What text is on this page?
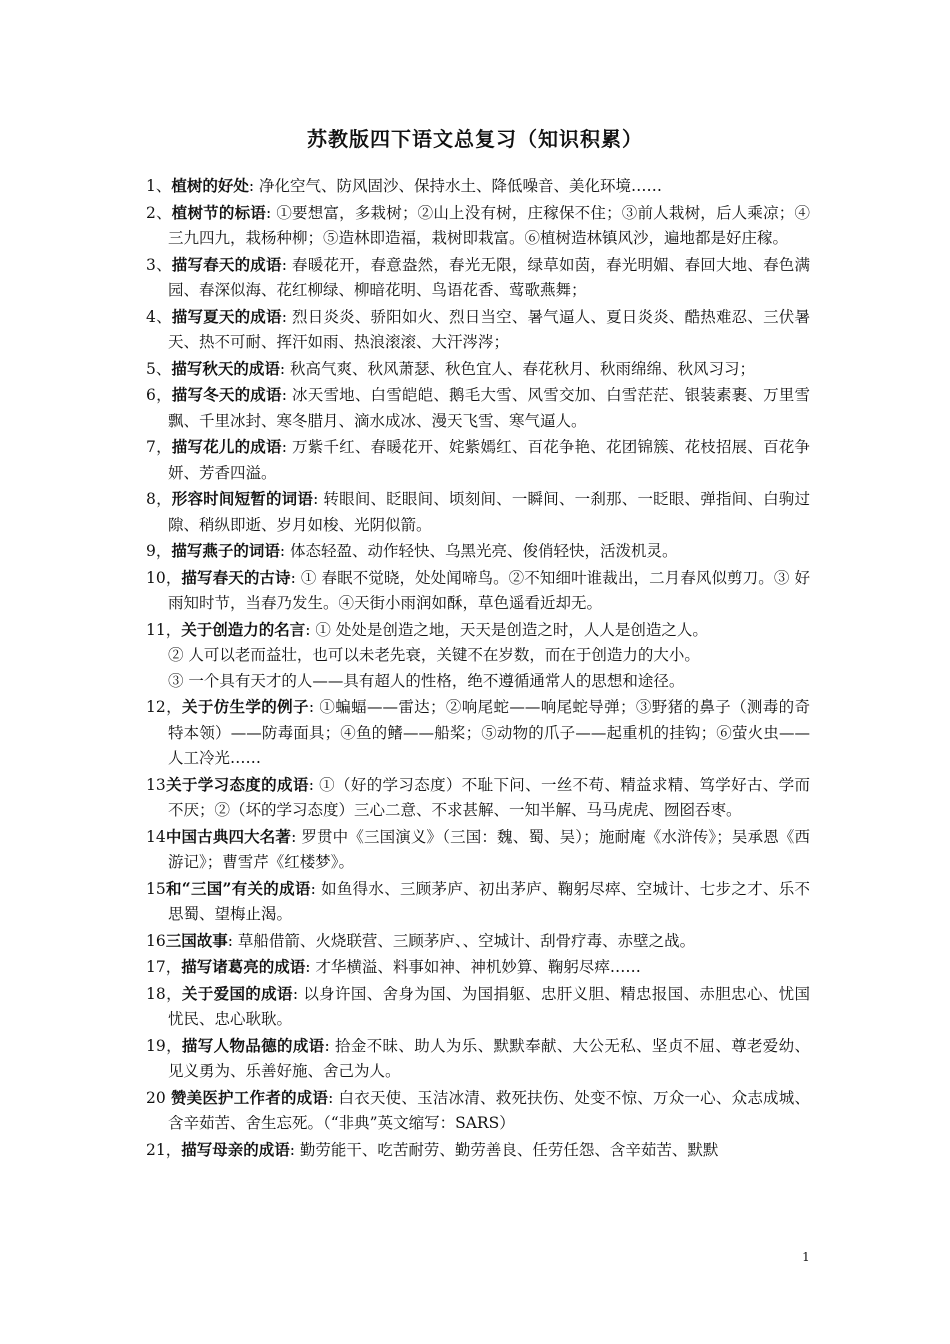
苏教版四下语文总复习（知识积累）

1、植树的好处: 净化空气、防风固沙、保持水土、降低噪音、美化环境……

2、植树节的标语: ①要想富，多栽树；②山上没有树，庄稼保不住；③前人栽树，后人乘凉；④三九四九，栽杨种柳；⑤造林即造福，栽树即栽富。⑥植树造林镇风沙，遍地都是好庄稼。

3、描写春天的成语: 春暖花开，春意盎然，春光无限，绿草如茵，春光明媚、春回大地、春色满园、春深似海、花红柳绿、柳暗花明、鸟语花香、莺歌燕舞；

4、描写夏天的成语: 烈日炎炎、骄阳如火、烈日当空、暑气逼人、夏日炎炎、酷热难忍、三伏暑天、热不可耐、挥汗如雨、热浪滚滚、大汗涔涔；

5、描写秋天的成语: 秋高气爽、秋风萧瑟、秋色宜人、春花秋月、秋雨绵绵、秋风习习；

6，描写冬天的成语: 冰天雪地、白雪皑皑、鹅毛大雪、风雪交加、白雪茫茫、银装素裹、万里雪飘、千里冰封、寒冬腊月、滴水成冰、漫天飞雪、寒气逼人。

7，描写花儿的成语: 万紫千红、春暖花开、姹紫嫣红、百花争艳、花团锦簇、花枝招展、百花争妍、芳香四溢。

8，形容时间短暂的词语: 转眼间、眨眼间、顷刻间、一瞬间、一刹那、一眨眼、弹指间、白驹过隙、稍纵即逝、岁月如梭、光阴似箭。

9，描写燕子的词语: 体态轻盈、动作轻快、乌黑光亮、俊俏轻快，活泼机灵。

10，描写春天的古诗: ① 春眠不觉晓，处处闻啼鸟。②不知细叶谁裁出，二月春风似剪刀。③ 好雨知时节，当春乃发生。④天街小雨润如酥，草色遥看近却无。

11，关于创造力的名言: ① 处处是创造之地，天天是创造之时，人人是创造之人。

② 人可以老而益壮，也可以未老先衰，关键不在岁数，而在于创造力的大小。

③ 一个具有天才的人——具有超人的性格，绝不遵循通常人的思想和途径。

12，关于仿生学的例子: ①蝙蝠——雷达；②响尾蛇——响尾蛇导弹；③野猪的鼻子（测毒的奇特本领）——防毒面具；④鱼的鳍——船桨；⑤动物的爪子——起重机的挂钩；⑥萤火虫——人工冷光……

13关于学习态度的成语: ①（好的学习态度）不耻下问、一丝不苟、精益求精、笃学好古、学而不厌；②（坏的学习态度）三心二意、不求甚解、一知半解、马马虎虎、囫囵吞枣。

14中国古典四大名著: 罗贯中《三国演义》（三国：魏、蜀、吴）；施耐庵《水浒传》；吴承恩《西游记》；曹雪芹《红楼梦》。

15和“三国”有关的成语: 如鱼得水、三顾茅庐、初出茅庐、鞠躬尽瘁、空城计、七步之才、乐不思蜀、望梅止渴。

16三国故事: 草船借箭、火烧联营、三顾茅庐、、空城计、刮骨疗毒、赤壁之战。

17，描写诸葛亮的成语: 才华横溢、料事如神、神机妙算、鞠躬尽瘁……

18，关于爱国的成语: 以身许国、舍身为国、为国捐躯、忠肝义胆、精忠报国、赤胆忠心、忧国忧民、忠心耿耿。

19，描写人物品德的成语: 拾金不昧、助人为乐、默默奉献、大公无私、坚贞不屈、尊老爱幼、见义勇为、乐善好施、舍己为人。

20 赞美医护工作者的成语: 白衣天使、玉洁冰清、救死扶伤、处变不惊、万众一心、众志成城、含辛茹苦、舍生忘死。（“非典”英文缩写：SARS）

21，描写母亲的成语: 勤劳能干、吃苦耐劳、勤劳善良、任劳任怨、含辛茹苦、默默

1
